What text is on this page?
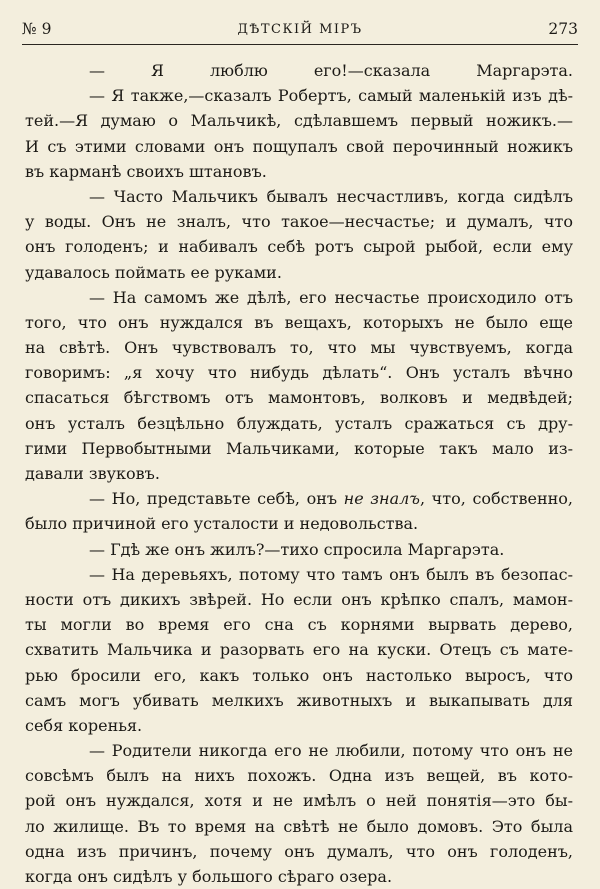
№ 9	ДѢТСКІЙ МІРЪ	273
— Я люблю его!—сказала Маргарэта.
— Я также,—сказалъ Робертъ, самый маленькій изъ дѣ-
тей.—Я думаю о Мальчикѣ, сдѣлавшемъ первый ножикъ.—
И съ этими словами онъ пощупалъ свой перочинный ножикъ
въ карманѣ своихъ штановъ.
— Часто Мальчикъ бывалъ несчастливъ, когда сидѣлъ
у воды. Онъ не зналъ, что такое—несчастье; и думалъ, что
онъ голоденъ; и набивалъ себѣ ротъ сырой рыбой, если ему
удавалось поймать ее руками.
— На самомъ же дѣлѣ, его несчастье происходило отъ
того, что онъ нуждался въ вещахъ, которыхъ не было еще
на свѣтѣ. Онъ чувствовалъ то, что мы чувствуемъ, когда
говоримъ: „я хочу что нибудь дѣлать“. Онъ усталъ вѣчно
спасаться бѣгствомъ отъ мамонтовъ, волковъ и медвѣдей;
онъ усталъ безцѣльно блуждать, усталъ сражаться съ дру-
гими Первобытными Мальчиками, которые такъ мало из-
давали звуковъ.
— Но, представьте себѣ, онъ не зналъ, что, собственно,
было причиной его усталости и недовольства.
— Гдѣ же онъ жилъ?—тихо спросила Маргарэта.
— На деревьяхъ, потому что тамъ онъ былъ въ безопас-
ности отъ дикихъ звѣрей. Но если онъ крѣпко спалъ, мамон-
ты могли во время его сна съ корнями вырвать дерево,
схватить Мальчика и разорвать его на куски. Отецъ съ мате-
рью бросили его, какъ только онъ настолько выросъ, что
самъ могъ убивать мелкихъ животныхъ и выкапывать для
себя коренья.
— Родители никогда его не любили, потому что онъ не
совсѣмъ былъ на нихъ похожъ. Одна изъ вещей, въ кото-
рой онъ нуждался, хотя и не имѣлъ о ней понятія—это бы-
ло жилище. Въ то время на свѣтѣ не было домовъ. Это была
одна изъ причинъ, почему онъ думалъ, что онъ голоденъ,
когда онъ сидѣлъ у большого сѣраго озера.
